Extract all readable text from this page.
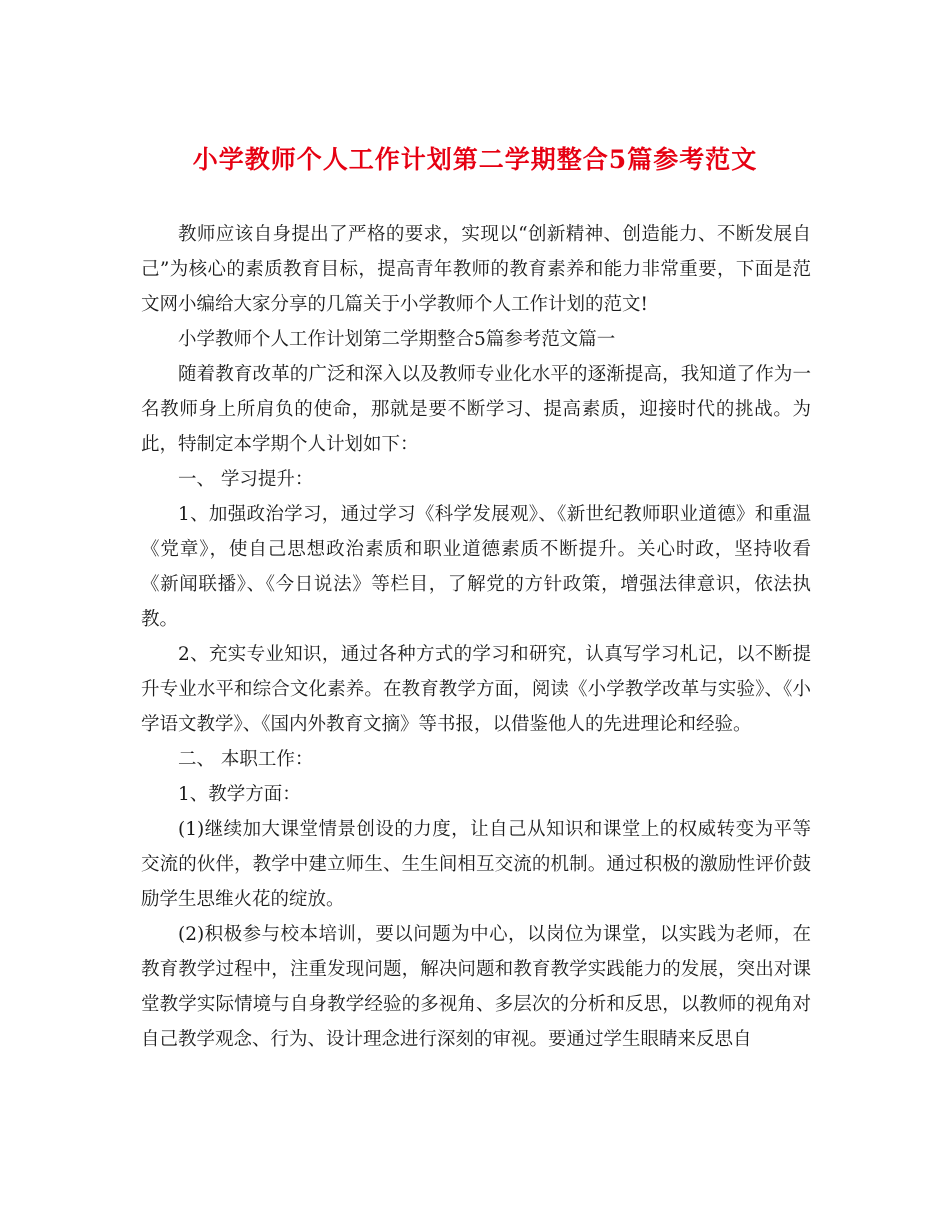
小学教师个人工作计划第二学期整合5篇参考范文

教师应该自身提出了严格的要求，实现以“创新精神、创造能力、不断发展自己”为核心的素质教育目标，提高青年教师的教育素养和能力非常重要，下面是范文网小编给大家分享的几篇关于小学教师个人工作计划的范文!

小学教师个人工作计划第二学期整合5篇参考范文篇一

随着教育改革的广泛和深入以及教师专业化水平的逐渐提高，我知道了作为一名教师身上所肩负的使命，那就是要不断学习、提高素质，迎接时代的挑战。为此，特制定本学期个人计划如下：

一、 学习提升：

1、加强政治学习，通过学习《科学发展观》、《新世纪教师职业道德》和重温《党章》，使自己思想政治素质和职业道德素质不断提升。关心时政，坚持收看《新闻联播》、《今日说法》等栏目，了解党的方针政策，增强法律意识，依法执教。

2、充实专业知识，通过各种方式的学习和研究，认真写学习札记，以不断提升专业水平和综合文化素养。在教育教学方面，阅读《小学教学改革与实验》、《小学语文教学》、《国内外教育文摘》等书报，以借鉴他人的先进理论和经验。

二、 本职工作：

1、教学方面：

(1)继续加大课堂情景创设的力度，让自己从知识和课堂上的权威转变为平等交流的伙伴，教学中建立师生、生生间相互交流的机制。通过积极的激励性评价鼓励学生思维火花的绽放。

(2)积极参与校本培训，要以问题为中心，以岗位为课堂，以实践为老师，在教育教学过程中，注重发现问题，解决问题和教育教学实践能力的发展，突出对课堂教学实际情境与自身教学经验的多视角、多层次的分析和反思，以教师的视角对自己教学观念、行为、设计理念进行深刻的审视。要通过学生眼睛来反思自
